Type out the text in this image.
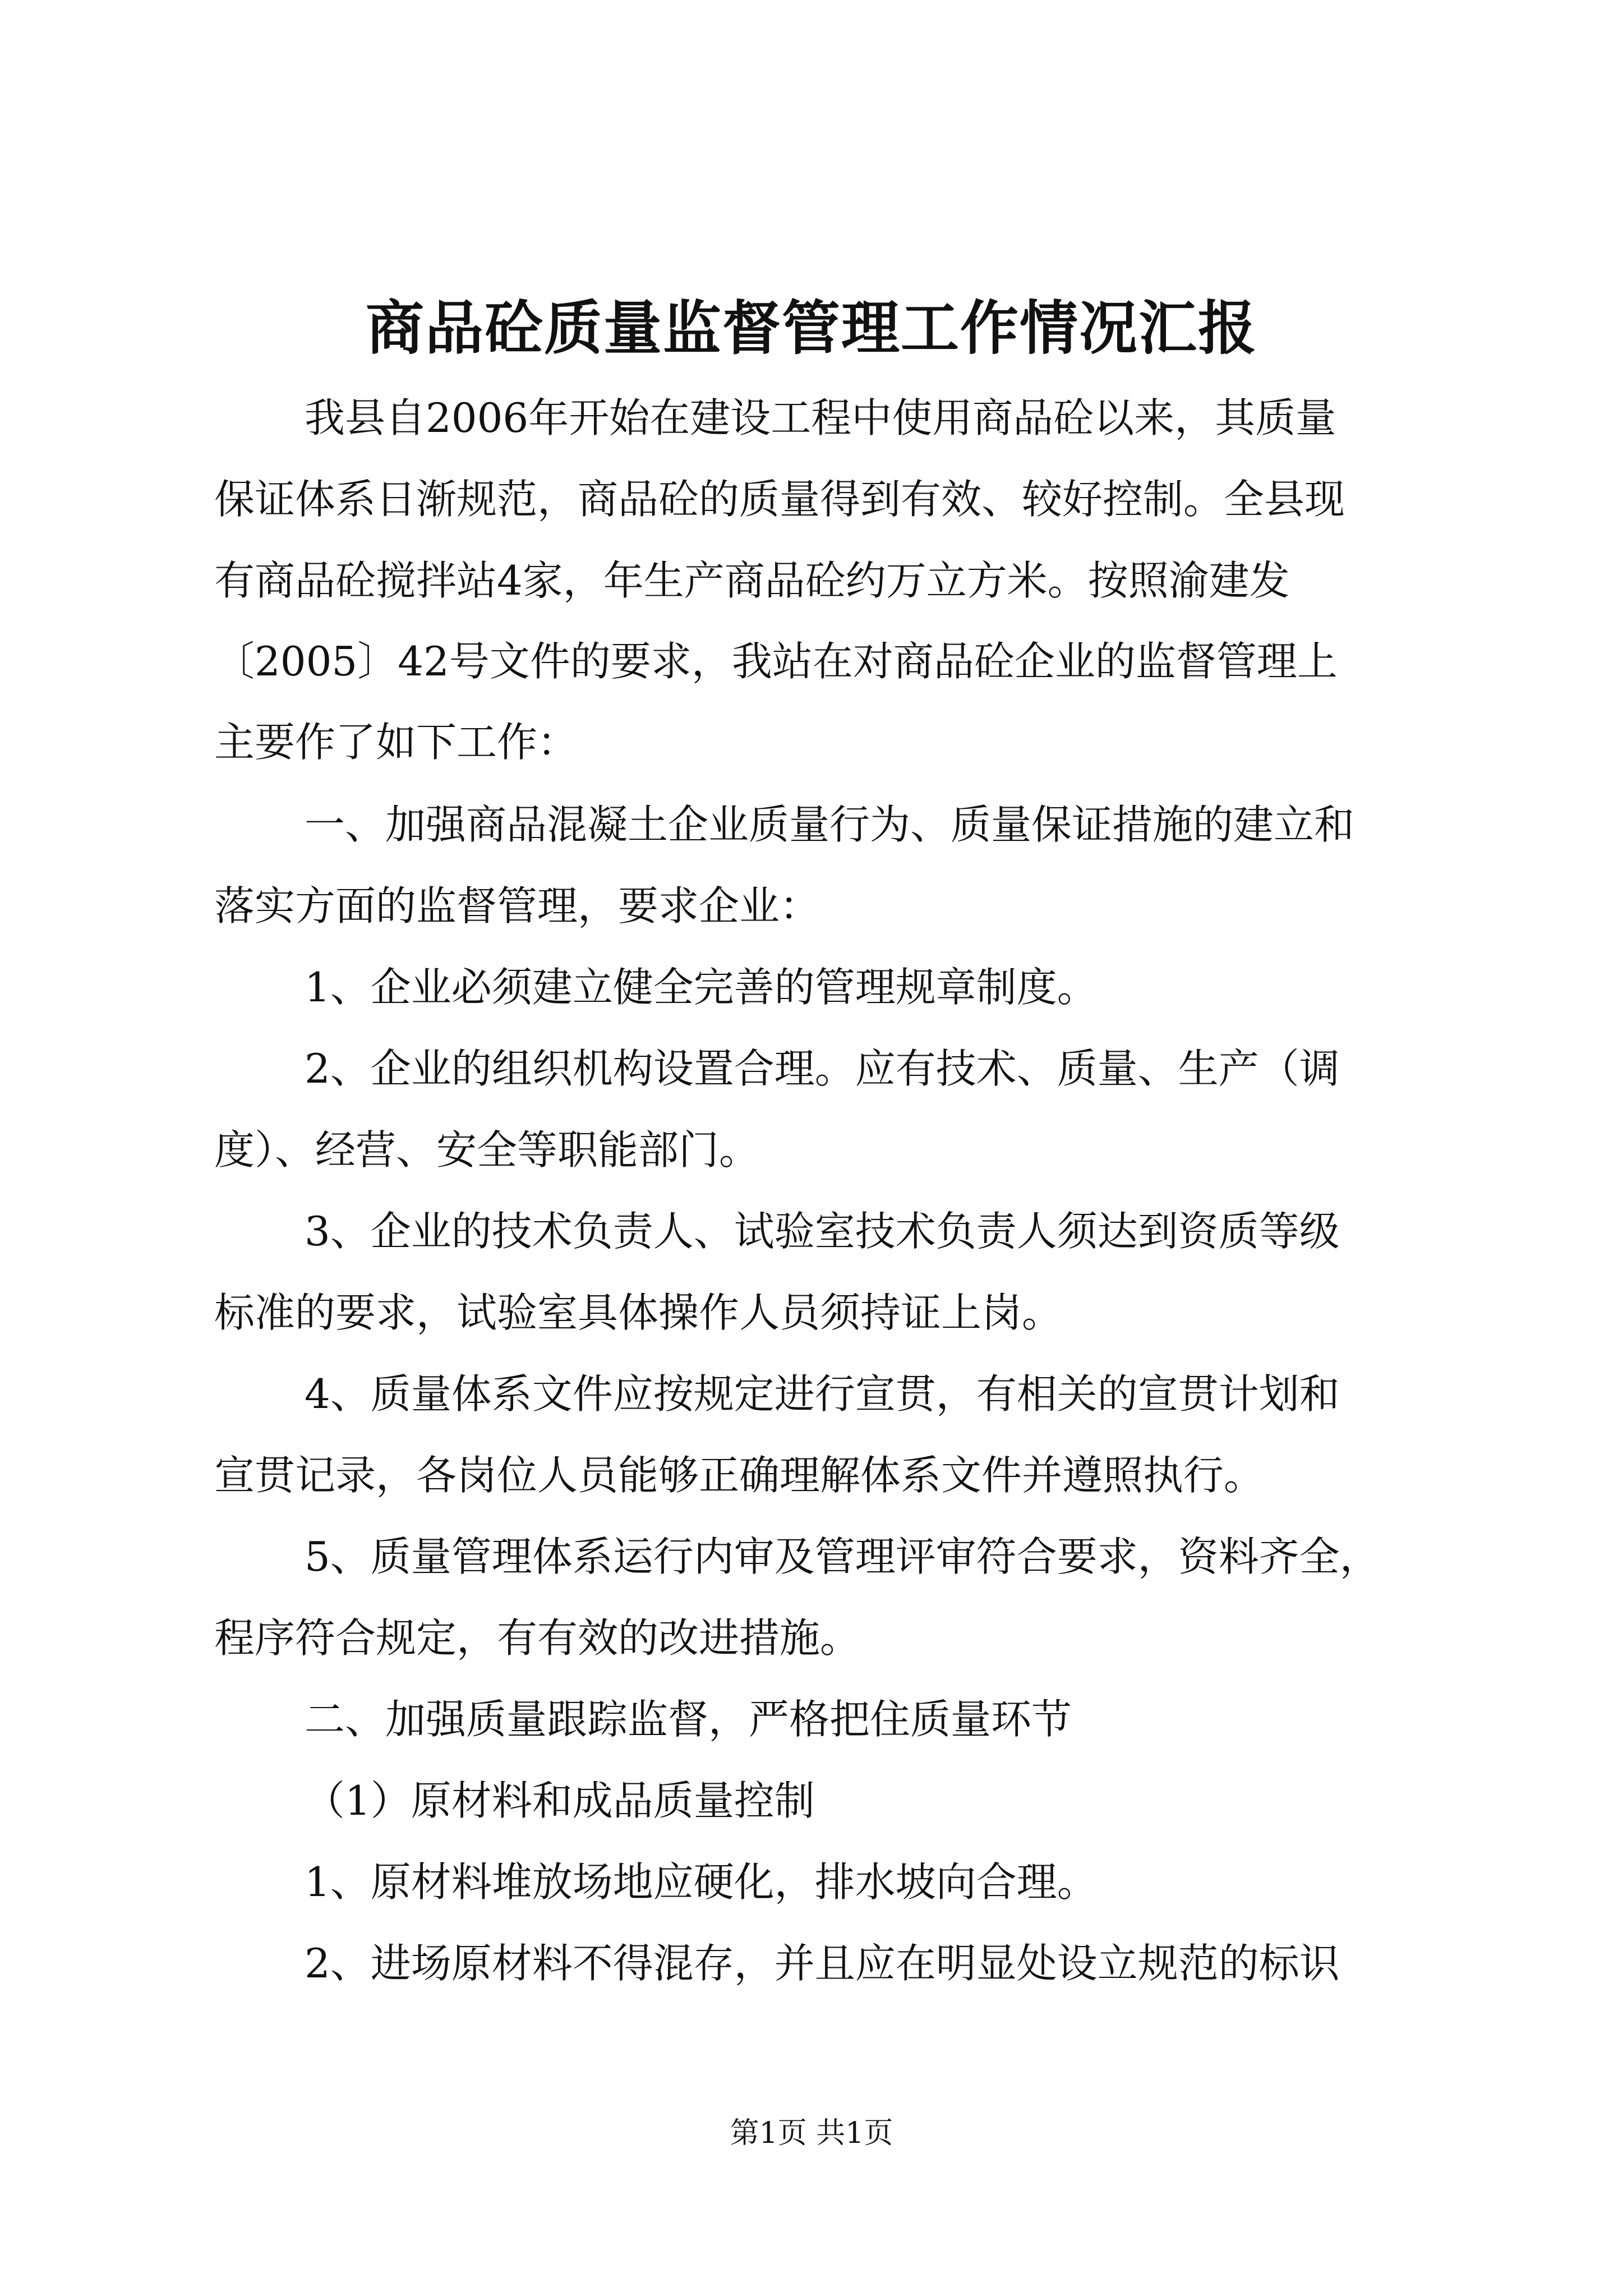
商品砼质量监督管理工作情况汇报
我县自2006年开始在建设工程中使用商品砼以来，其质量
保证体系日渐规范，商品砼的质量得到有效、较好控制。全县现
有商品砼搅拌站4家，年生产商品砼约万立方米。按照渝建发
〔2005〕42号文件的要求，我站在对商品砼企业的监督管理上
主要作了如下工作：
一、加强商品混凝土企业质量行为、质量保证措施的建立和
落实方面的监督管理，要求企业：
1、企业必须建立健全完善的管理规章制度。
2、企业的组织机构设置合理。应有技术、质量、生产（调
度）、经营、安全等职能部门。
3、企业的技术负责人、试验室技术负责人须达到资质等级
标准的要求，试验室具体操作人员须持证上岗。
4、质量体系文件应按规定进行宣贯，有相关的宣贯计划和
宣贯记录，各岗位人员能够正确理解体系文件并遵照执行。
5、质量管理体系运行内审及管理评审符合要求，资料齐全，
程序符合规定，有有效的改进措施。
二、加强质量跟踪监督，严格把住质量环节
（1）原材料和成品质量控制
1、原材料堆放场地应硬化，排水坡向合理。
2、进场原材料不得混存，并且应在明显处设立规范的标识
第1页 共1页
